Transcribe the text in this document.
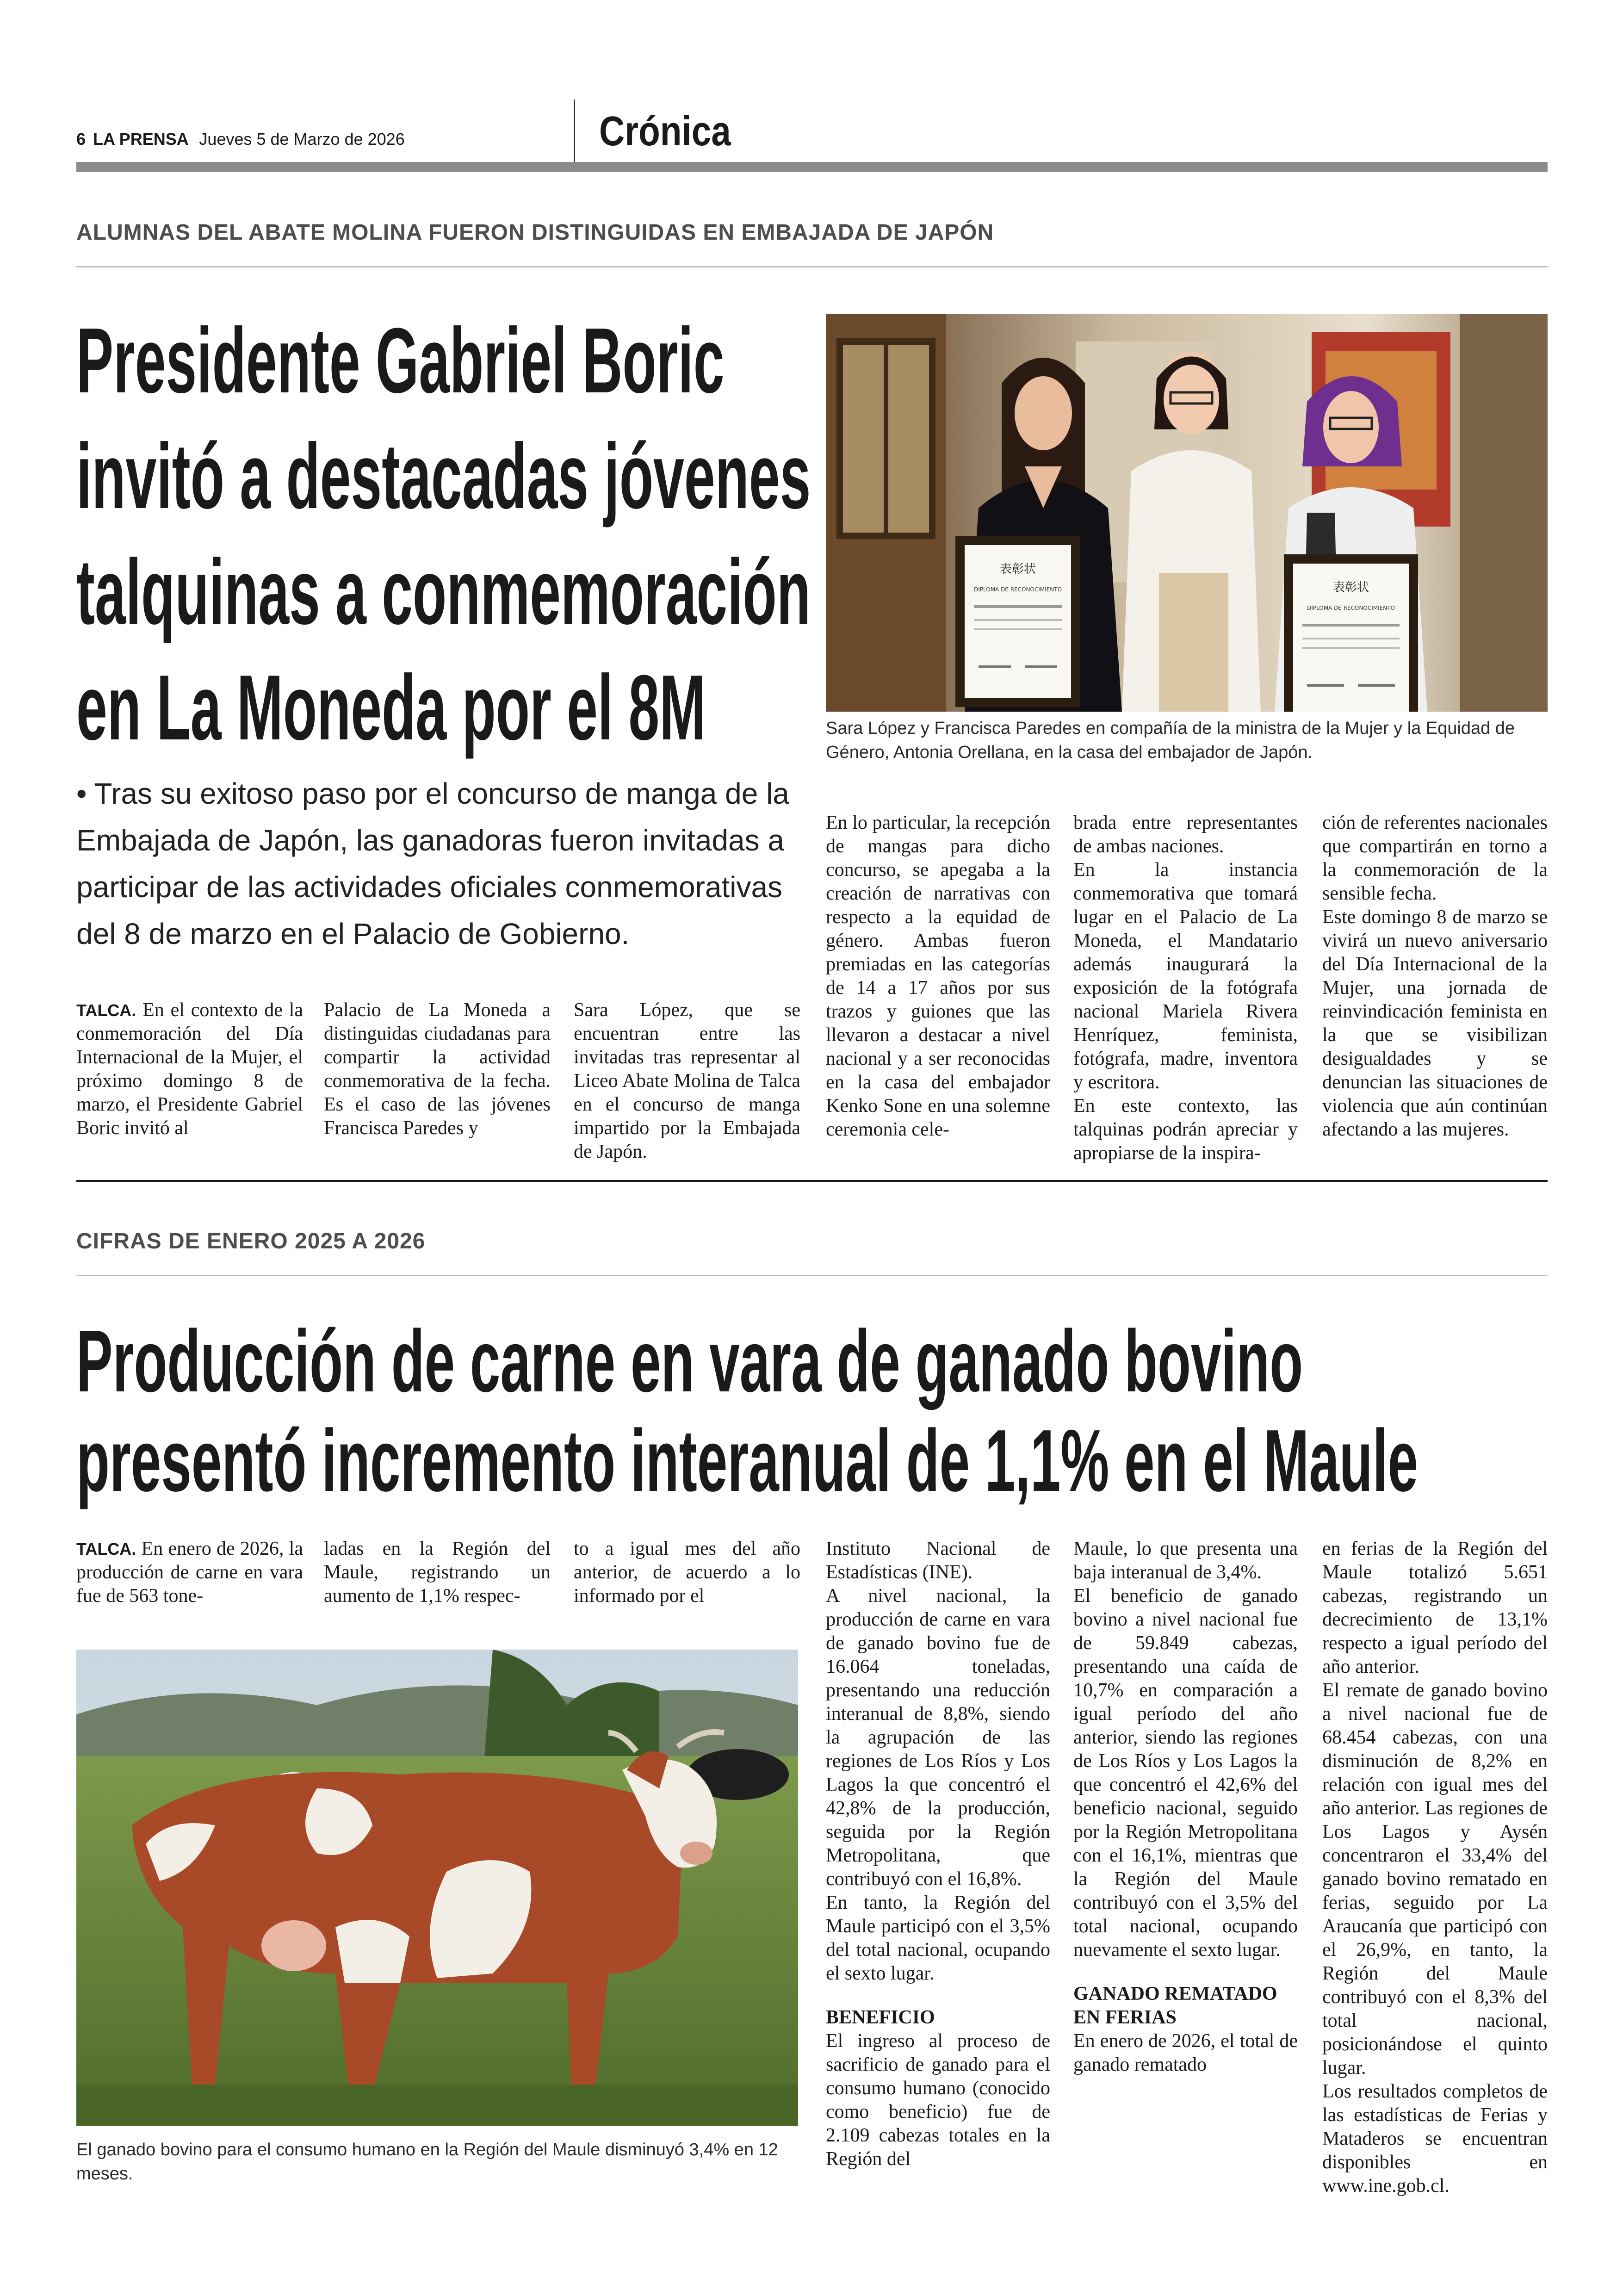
6 LA PRENSA Jueves 5 de Marzo de 2026	Crónica
ALUMNAS DEL ABATE MOLINA FUERON DISTINGUIDAS EN EMBAJADA DE JAPÓN
Presidente Gabriel Boric
invitó a destacadas jóvenes
talquinas a conmemoración
en La Moneda por el 8M
• Tras su exitoso paso por el concurso de manga de la
Embajada de Japón, las ganadoras fueron invitadas a
participar de las actividades oficiales conmemorativas
del 8 de marzo en el Palacio de Gobierno.
表彰状
DIPLOMA DE RECONOCIMIENTO	表彰状
DIPLOMA DE RECONOCIMIENTO
Sara López y Francisca Paredes en compañía de la ministra de la Mujer y la Equidad de Género, Antonia Orellana, en la casa del embajador de Japón.

TALCA. En el contexto de la conmemoración del Día Internacional de la Mujer, el próximo domingo 8 de marzo, el Presidente Gabriel Boric invitó al

Palacio de La Moneda a distinguidas ciudadanas para compartir la actividad conmemorativa de la fecha. Es el caso de las jóvenes Francisca Paredes y

Sara López, que se encuentran entre las invitadas tras representar al Liceo Abate Molina de Talca en el concurso de manga impartido por la Embajada de Japón.

En lo particular, la recepción de mangas para dicho concurso, se apegaba a la creación de narrativas con respecto a la equidad de género. Ambas fueron premiadas en las categorías de 14 a 17 años por sus trazos y guiones que las llevaron a destacar a nivel nacional y a ser reconocidas en la casa del embajador Kenko Sone en una solemne ceremonia cele-

brada entre representantes de ambas naciones.

En la instancia conmemorativa que tomará lugar en el Palacio de La Moneda, el Mandatario además inaugurará la exposición de la fotógrafa nacional Mariela Rivera Henríquez, feminista, fotógrafa, madre, inventora y escritora.

En este contexto, las talquinas podrán apreciar y apropiarse de la inspira-

ción de referentes nacionales que compartirán en torno a la conmemoración de la sensible fecha.

Este domingo 8 de marzo se vivirá un nuevo aniversario del Día Internacional de la Mujer, una jornada de reinvindicación feminista en la que se visibilizan desigualdades y se denuncian las situaciones de violencia que aún continúan afectando a las mujeres.

CIFRAS DE ENERO 2025 A 2026
Producción de carne en vara de ganado bovino
presentó incremento interanual de 1,1% en el Maule

TALCA. En enero de 2026, la producción de carne en vara fue de 563 tone-

ladas en la Región del Maule, registrando un aumento de 1,1% respec-

to a igual mes del año anterior, de acuerdo a lo informado por el

El ganado bovino para el consumo humano en la Región del Maule disminuyó 3,4% en 12 meses.

Instituto Nacional de Estadísticas (INE).

A nivel nacional, la producción de carne en vara de ganado bovino fue de 16.064 toneladas, presentando una reducción interanual de 8,8%, siendo la agrupación de las regiones de Los Ríos y Los Lagos la que concentró el 42,8% de la producción, seguida por la Región Metropolitana, que contribuyó con el 16,8%.

En tanto, la Región del Maule participó con el 3,5% del total nacional, ocupando el sexto lugar.

BENEFICIO

El ingreso al proceso de sacrificio de ganado para el consumo humano (conocido como beneficio) fue de 2.109 cabezas totales en la Región del

Maule, lo que presenta una baja interanual de 3,4%.

El beneficio de ganado bovino a nivel nacional fue de 59.849 cabezas, presentando una caída de 10,7% en comparación a igual período del año anterior, siendo las regiones de Los Ríos y Los Lagos la que concentró el 42,6% del beneficio nacional, seguido por la Región Metropolitana con el 16,1%, mientras que la Región del Maule contribuyó con el 3,5% del total nacional, ocupando nuevamente el sexto lugar.

GANADO REMATADO EN FERIAS

En enero de 2026, el total de ganado rematado

en ferias de la Región del Maule totalizó 5.651 cabezas, registrando un decrecimiento de 13,1% respecto a igual período del año anterior.

El remate de ganado bovino a nivel nacional fue de 68.454 cabezas, con una disminución de 8,2% en relación con igual mes del año anterior. Las regiones de Los Lagos y Aysén concentraron el 33,4% del ganado bovino rematado en ferias, seguido por La Araucanía que participó con el 26,9%, en tanto, la Región del Maule contribuyó con el 8,3% del total nacional, posicionándose el quinto lugar.

Los resultados completos de las estadísticas de Ferias y Mataderos se encuentran disponibles en www.ine.gob.cl.
